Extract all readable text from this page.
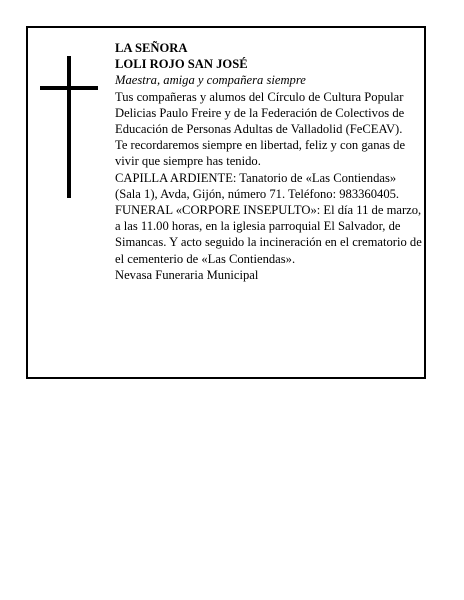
LA SEÑORA

LOLI ROJO SAN JOSÉ

Maestra, amiga y compañera siempre

Tus compañeras y alumos del Círculo de Cultura Popular Delicias Paulo Freire y de la Federación de Colectivos de Educación de Personas Adultas de Valladolid (FeCEAV).

Te recordaremos siempre en libertad, feliz y con ganas de vivir que siempre has tenido.

CAPILLA ARDIENTE: Tanatorio de «Las Contiendas» (Sala 1), Avda, Gijón, número 71. Teléfono: 983360405.

FUNERAL «CORPORE INSEPULTO»: El día 11 de marzo, a las 11.00 horas, en la iglesia parroquial El Salvador, de Simancas. Y acto seguido la incineración en el crematorio de el cementerio de «Las Contiendas».

Nevasa Funeraria Municipal
